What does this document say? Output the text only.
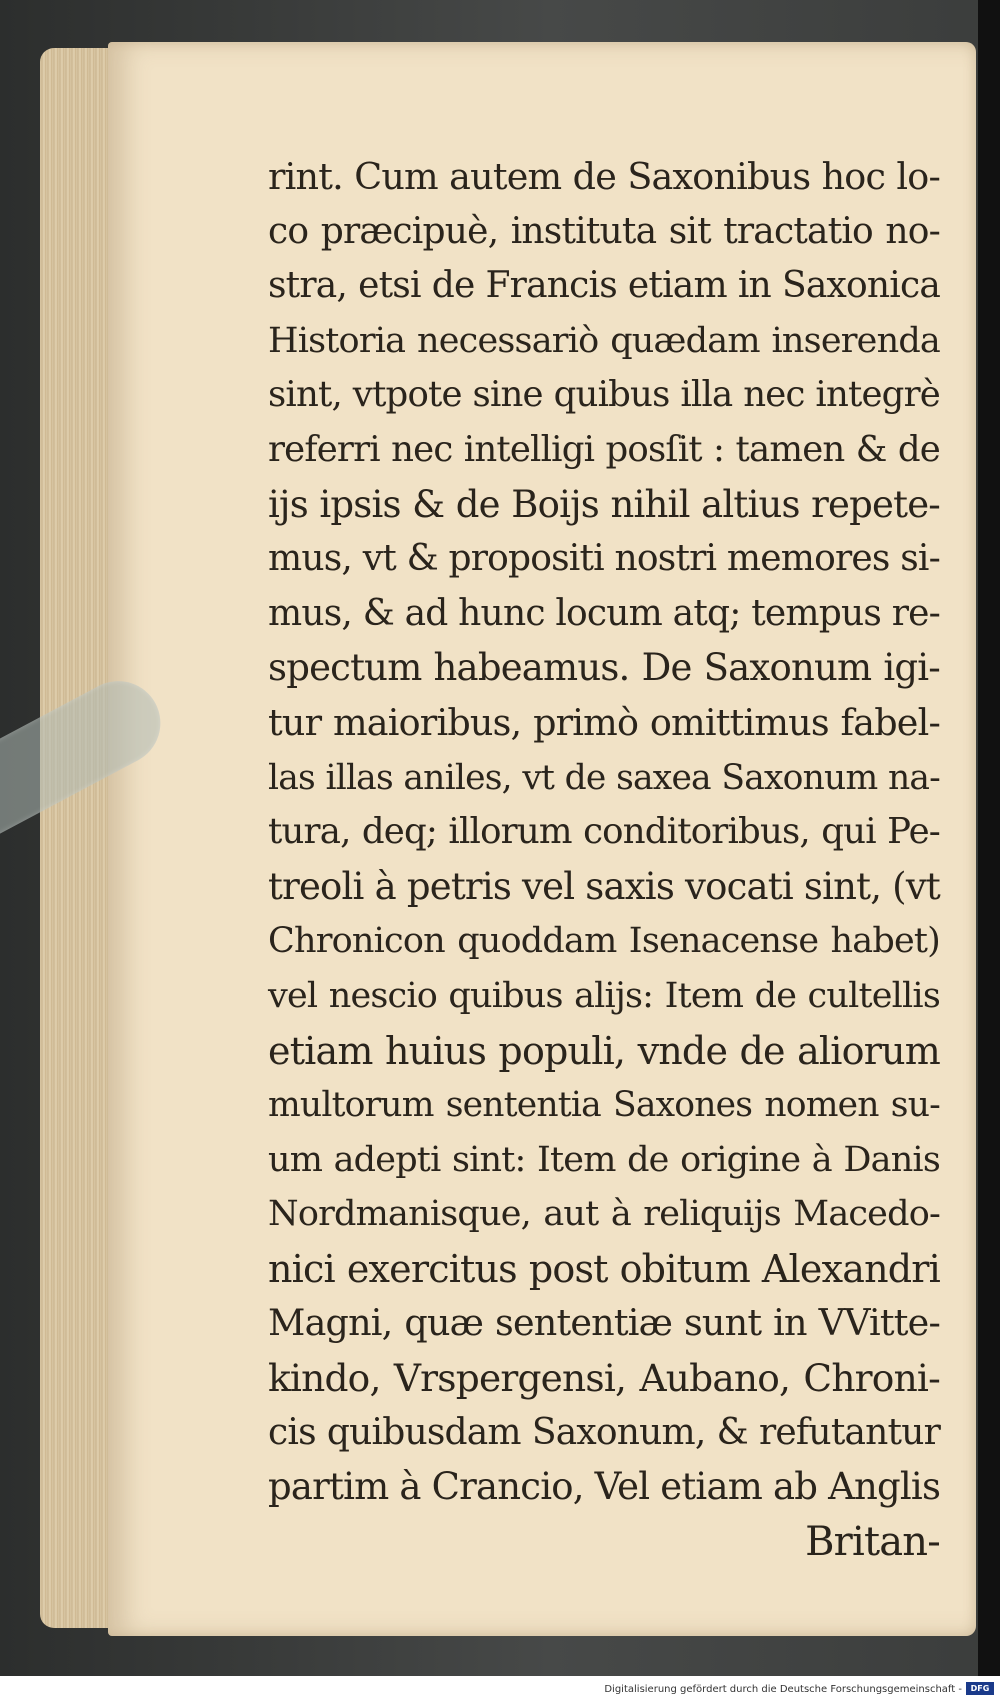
rint. Cum autem de Saxonibus hoc lo-
co præcipuè, instituta sit tractatio no-
stra, etsi de Francis etiam in Saxonica
Historia necessariò quædam inserenda
sint, vtpote sine quibus illa nec integrè
referri nec intelligi posſit : tamen & de
ijs ipsis & de Boijs nihil altius repete-
mus, vt & propositi nostri memores si-
mus, & ad hunc locum atq; tempus re-
spectum habeamus. De Saxonum igi-
tur maioribus, primò omittimus fabel-
las illas aniles, vt de saxea Saxonum na-
tura, deq; illorum conditoribus, qui Pe-
treoli à petris vel saxis vocati sint, (vt
Chronicon quoddam Isenacense habet)
vel nescio quibus alijs: Item de cultellis
etiam huius populi, vnde de aliorum
multorum sententia Saxones nomen su-
um adepti sint: Item de origine à Danis
Nordmanisque, aut à reliquijs Macedo-
nici exercitus post obitum Alexandri
Magni, quæ sententiæ sunt in VVitte-
kindo, Vrspergensi, Aubano, Chroni-
cis quibusdam Saxonum, & refutantur
partim à Crancio, Vel etiam ab Anglis
Britan-
Digitalisierung gefördert durch die Deutsche Forschungsgemeinschaft -	DFG
